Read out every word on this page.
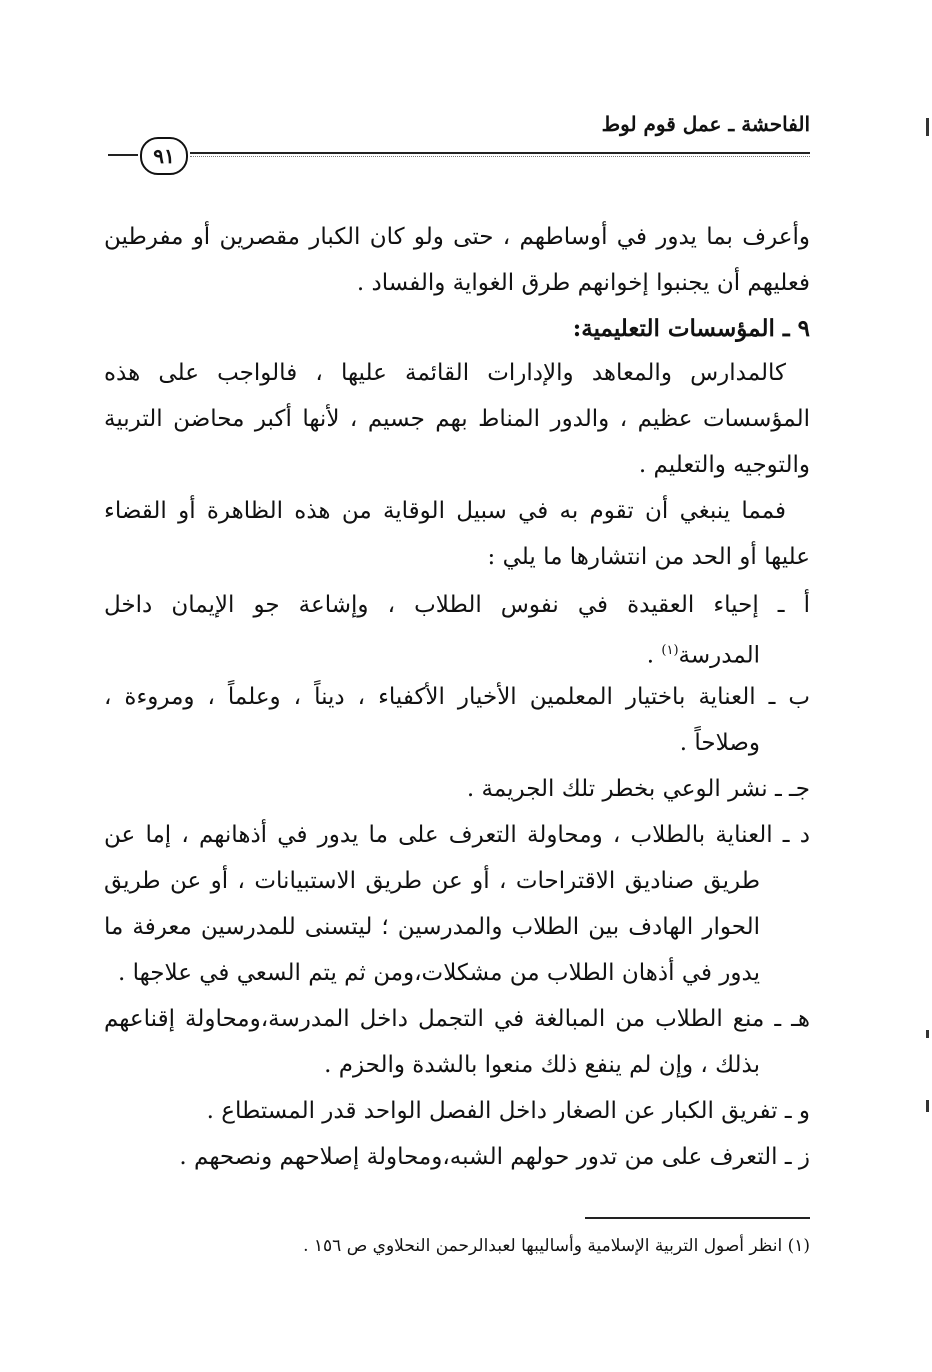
الفاحشة ـ عمل قوم لوط
٩١
وأعرف بما يدور في أوساطهم ، حتى ولو كان الكبار مقصرين أو مفرطين
فعليهم أن يجنبوا إخوانهم طرق الغواية والفساد .
٩ ـ المؤسسات التعليمية:
كالمدارس والمعاهد والإدارات القائمة عليها ، فالواجب على هذه
المؤسسات عظيم ، والدور المناط بهم جسيم ، لأنها أكبر محاضن التربية
والتوجيه والتعليم .
فمما ينبغي أن تقوم به في سبيل الوقاية من هذه الظاهرة أو القضاء
عليها أو الحد من انتشارها ما يلي :
أ ـ إحياء العقيدة في نفوس الطلاب ، وإشاعة جو الإيمان داخل
المدرسة$^{(١)}$ .
ب ـ العناية باختيار المعلمين الأخيار الأكفياء ، ديناً ، وعلماً ، ومروءة ،
وصلاحاً .
جـ ـ نشر الوعي بخطر تلك الجريمة .
د ـ العناية بالطلاب ، ومحاولة التعرف على ما يدور في أذهانهم ، إما عن
طريق صناديق الاقتراحات ، أو عن طريق الاستبيانات ، أو عن طريق
الحوار الهادف بين الطلاب والمدرسين ؛ ليتسنى للمدرسين معرفة ما
يدور في أذهان الطلاب من مشكلات،ومن ثم يتم السعي في علاجها .
هـ ـ منع الطلاب من المبالغة في التجمل داخل المدرسة،ومحاولة إقناعهم
بذلك ، وإن لم ينفع ذلك منعوا بالشدة والحزم .
و ـ تفريق الكبار عن الصغار داخل الفصل الواحد قدر المستطاع .
ز ـ التعرف على من تدور حولهم الشبه،ومحاولة إصلاحهم ونصحهم .
(١) انظر أصول التربية الإسلامية وأساليبها لعبدالرحمن النحلاوي ص ١٥٦ .
